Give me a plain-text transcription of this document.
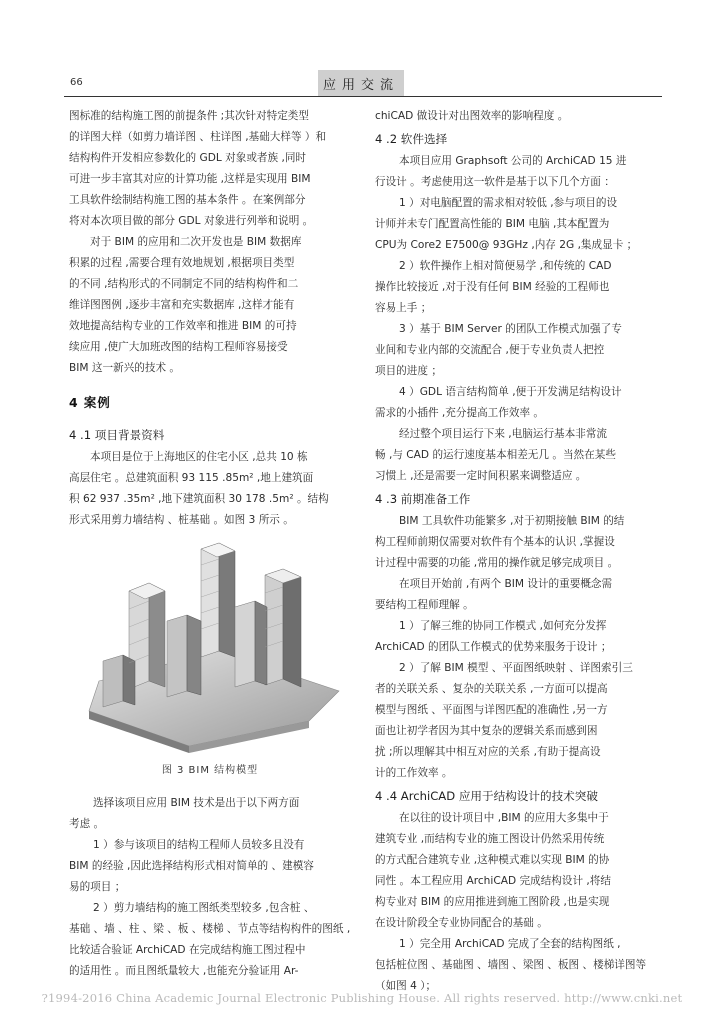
66	应用交流
图标准的结构施工图的前提条件 ;其次针对特定类型
的详图大样（如剪力墙详图 、柱详图 ,基础大样等 ）和
结构构件开发相应参数化的 GDL 对象或者族 ,同时
可进一步丰富其对应的计算功能 ,这样是实现用 BIM
工具软件绘制结构施工图的基本条件 。在案例部分
将对本次项目做的部分 GDL 对象进行列举和说明 。
对于 BIM 的应用和二次开发也是 BIM 数据库
积累的过程 ,需要合理有效地规划 ,根据项目类型
的不同 ,结构形式的不同制定不同的结构构件和二
维详图图例 ,逐步丰富和充实数据库 ,这样才能有
效地提高结构专业的工作效率和推进 BIM 的可持
续应用 ,使广大加班改图的结构工程师容易接受
BIM 这一新兴的技术 。
4 案例
4 .1 项目背景资料
本项目是位于上海地区的住宅小区 ,总共 10 栋
高层住宅 。总建筑面积 93 115 .85m² ,地上建筑面
积 62 937 .35m² ,地下建筑面积 30 178 .5m² 。结构
形式采用剪力墙结构 、桩基础 。如图 3 所示 。
图 3 BIM 结构模型
选择该项目应用 BIM 技术是出于以下两方面
考虑 。
1 ）参与该项目的结构工程师人员较多且没有
BIM 的经验 ,因此选择结构形式相对简单的 、建模容
易的项目 ；
2 ）剪力墙结构的施工图纸类型较多 ,包含桩 、
基础 、墙 、柱 、梁 、板 、楼梯 、节点等结构构件的图纸 ,
比较适合验证 ArchiCAD 在完成结构施工图过程中
的适用性 。而且图纸量较大 ,也能充分验证用 Ar-
chiCAD 做设计对出图效率的影响程度 。
4 .2 软件选择
本项目应用 Graphsoft 公司的 ArchiCAD 15 进
行设计 。考虑使用这一软件是基于以下几个方面 ：
1 ）对电脑配置的需求相对较低 ,参与项目的设
计师并未专门配置高性能的 BIM 电脑 ,其本配置为
CPU为 Core2 E7500@ 93GHz ,内存 2G ,集成显卡 ；
2 ）软件操作上相对简便易学 ,和传统的 CAD
操作比较接近 ,对于没有任何 BIM 经验的工程师也
容易上手 ；
3 ）基于 BIM Server 的团队工作模式加强了专
业间和专业内部的交流配合 ,便于专业负责人把控
项目的进度 ；
4 ）GDL 语言结构简单 ,便于开发满足结构设计
需求的小插件 ,充分提高工作效率 。
经过整个项目运行下来 ,电脑运行基本非常流
畅 ,与 CAD 的运行速度基本相差无几 。当然在某些
习惯上 ,还是需要一定时间积累来调整适应 。
4 .3 前期准备工作
BIM 工具软件功能繁多 ,对于初期接触 BIM 的结
构工程师前期仅需要对软件有个基本的认识 ,掌握设
计过程中需要的功能 ,常用的操作就足够完成项目 。
在项目开始前 ,有两个 BIM 设计的重要概念需
要结构工程师理解 。
1 ）了解三维的协同工作模式 ,如何充分发挥
ArchiCAD 的团队工作模式的优势来服务于设计 ；
2 ）了解 BIM 模型 、平面图纸映射 、详图索引三
者的关联关系 、复杂的关联关系 ,一方面可以提高
模型与图纸 、平面图与详图匹配的准确性 ,另一方
面也让初学者因为其中复杂的逻辑关系而感到困
扰 ;所以理解其中相互对应的关系 ,有助于提高设
计的工作效率 。
4 .4 ArchiCAD 应用于结构设计的技术突破
在以往的设计项目中 ,BIM 的应用大多集中于
建筑专业 ,而结构专业的施工图设计仍然采用传统
的方式配合建筑专业 ,这种模式难以实现 BIM 的协
同性 。本工程应用 ArchiCAD 完成结构设计 ,将结
构专业对 BIM 的应用推进到施工图阶段 ,也是实现
在设计阶段全专业协同配合的基础 。
1 ）完全用 ArchiCAD 完成了全套的结构图纸 ,
包括桩位图 、基础图 、墙图 、梁图 、板图 、楼梯详图等
（如图 4 ）；
?1994-2016 China Academic Journal Electronic Publishing House. All rights reserved. http://www.cnki.net
